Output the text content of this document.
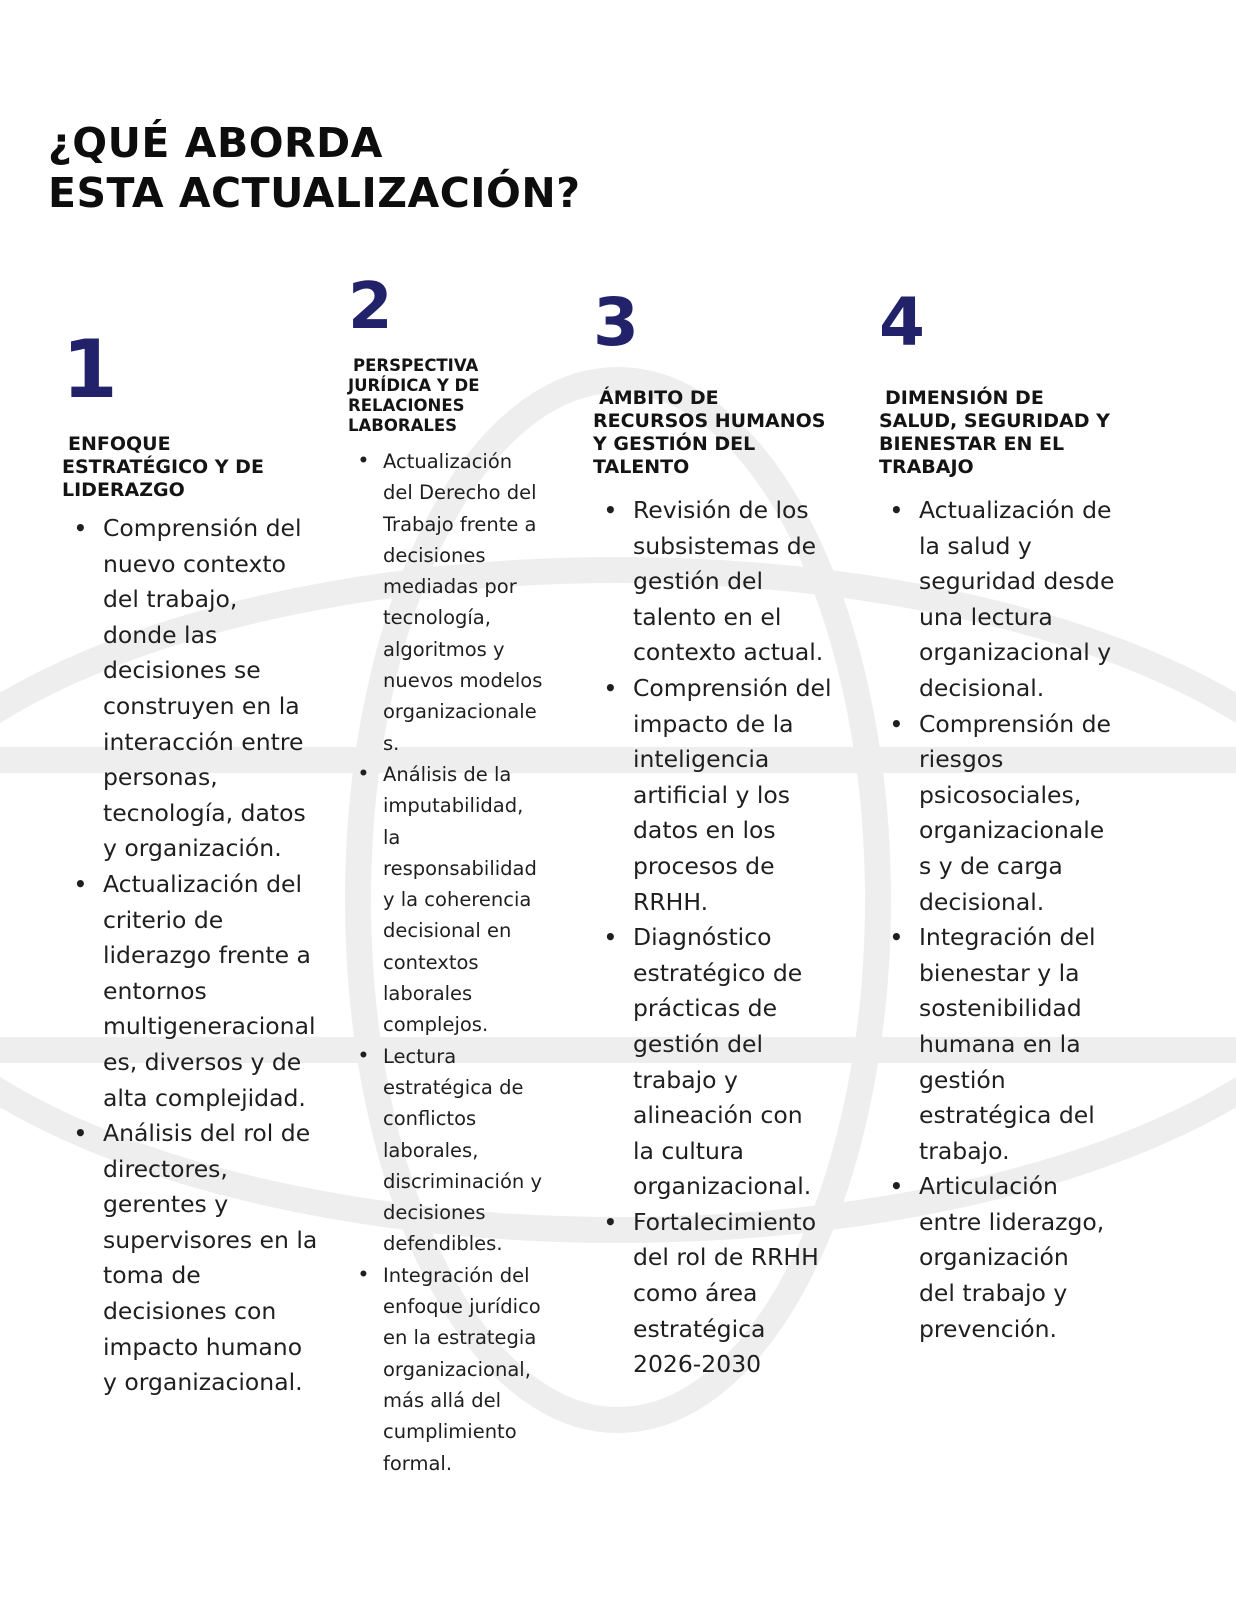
¿QUÉ ABORDA
ESTA ACTUALIZACIÓN?
1
ENFOQUE
ESTRATÉGICO Y DE
LIDERAZGO
• Comprensión del
nuevo contexto
del trabajo,
donde las
decisiones se
construyen en la
interacción entre
personas,
tecnología, datos
y organización.
• Actualización del
criterio de
liderazgo frente a
entornos
multigeneracional
es, diversos y de
alta complejidad.
• Análisis del rol de
directores,
gerentes y
supervisores en la
toma de
decisiones con
impacto humano
y organizacional.
2
PERSPECTIVA
JURÍDICA Y DE
RELACIONES
LABORALES
• Actualización
del Derecho del
Trabajo frente a
decisiones
mediadas por
tecnología,
algoritmos y
nuevos modelos
organizacionale
s.
• Análisis de la
imputabilidad,
la
responsabilidad
y la coherencia
decisional en
contextos
laborales
complejos.
• Lectura
estratégica de
conflictos
laborales,
discriminación y
decisiones
defendibles.
• Integración del
enfoque jurídico
en la estrategia
organizacional,
más allá del
cumplimiento
formal.
3
ÁMBITO DE
RECURSOS HUMANOS
Y GESTIÓN DEL
TALENTO
• Revisión de los
subsistemas de
gestión del
talento en el
contexto actual.
• Comprensión del
impacto de la
inteligencia
artificial y los
datos en los
procesos de
RRHH.
• Diagnóstico
estratégico de
prácticas de
gestión del
trabajo y
alineación con
la cultura
organizacional.
• Fortalecimiento
del rol de RRHH
como área
estratégica
2026-2030
4
DIMENSIÓN DE
SALUD, SEGURIDAD Y
BIENESTAR EN EL
TRABAJO
• Actualización de
la salud y
seguridad desde
una lectura
organizacional y
decisional.
• Comprensión de
riesgos
psicosociales,
organizacionale
s y de carga
decisional.
• Integración del
bienestar y la
sostenibilidad
humana en la
gestión
estratégica del
trabajo.
• Articulación
entre liderazgo,
organización
del trabajo y
prevención.
